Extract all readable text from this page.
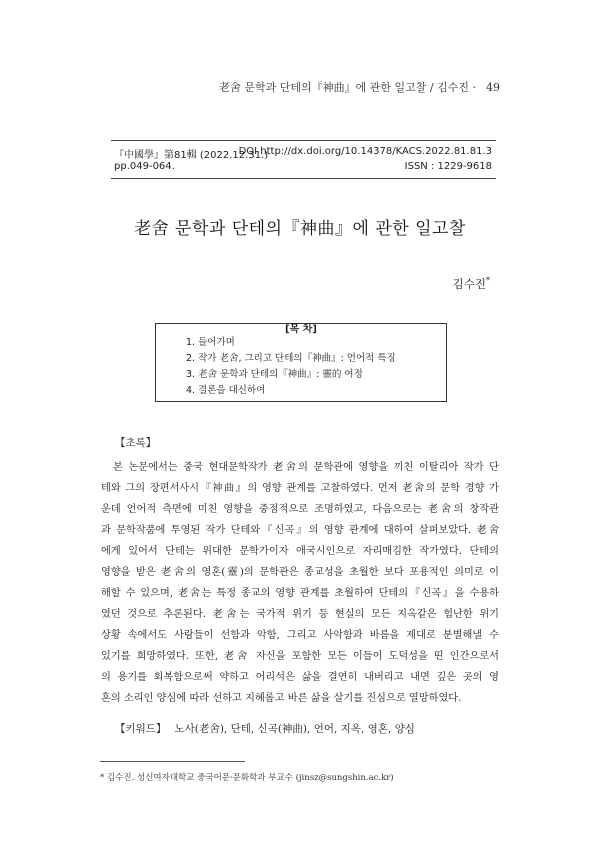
老舍 문학과 단테의『神曲』에 관한 일고찰 / 김수진 · 49
『中國學』第81輯 (2022.12.31.)
pp.049-064.
DOI http://dx.doi.org/10.14378/KACS.2022.81.81.3
ISSN : 1229-9618
老舍 문학과 단테의『神曲』에 관한 일고찰
김수진*
[목 차]
1. 들어가며
2. 작가 老舍, 그리고 단테의『神曲』: 언어적 특징
3. 老舍 문학과 단테의『神曲』: 靈的 여정
4. 결론을 대신하여
【초록】
본 논문에서는 중국 현대문학작가 老舍의 문학관에 영향을 끼친 이탈리아 작가 단
테와 그의 장편서사시『神曲』의 영향 관계를 고찰하였다. 먼저 老舍의 문학 경향 가
운데 언어적 측면에 미친 영향을 중점적으로 조명하였고, 다음으로는 老舍의 창작관
과 문학작품에 투영된 작가 단테와『신곡』의 영향 관계에 대하여 살펴보았다. 老舍
에게 있어서 단테는 위대한 문학가이자 애국시인으로 자리매김한 작가였다. 단테의
영향을 받은 老舍의 영혼(靈)의 문학관은 종교성을 초월한 보다 포용적인 의미로 이
해할 수 있으며, 老舍는 특정 종교의 영향 관계를 초월하여 단테의『신곡』을 수용하
였던 것으로 추론된다. 老舍는 국가적 위기 등 현실의 모든 지옥같은 험난한 위기
상황 속에서도 사람들이 선함과 악함, 그리고 사악함과 바름을 제대로 분별해낼 수
있기를 희망하였다. 또한, 老舍 자신을 포함한 모든 이들이 도덕성을 띤 인간으로서
의 용기를 회복함으로써 약하고 어리석은 삶을 결연히 내버리고 내면 깊은 곳의 영
혼의 소리인 양심에 따라 선하고 지혜롭고 바른 삶을 살기를 진심으로 열망하였다.
【키워드】 노사(老舍), 단테, 신곡(神曲), 언어, 지옥, 영혼, 양심
* 김수진. 성신여자대학교 중국어문·문화학과 부교수 (jinsz@sungshin.ac.kr)
